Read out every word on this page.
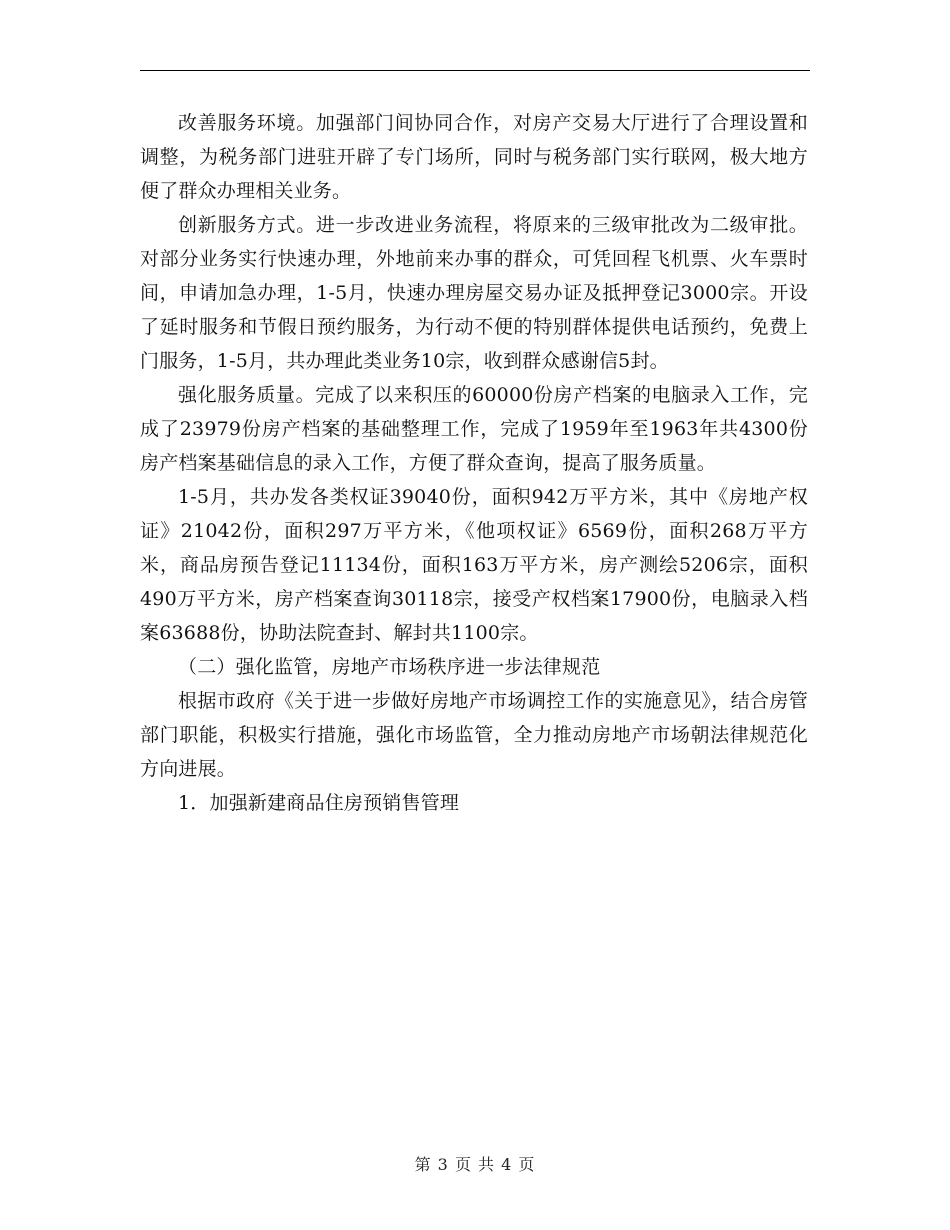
改善服务环境。加强部门间协同合作，对房产交易大厅进行了合理设置和调整，为税务部门进驻开辟了专门场所，同时与税务部门实行联网，极大地方便了群众办理相关业务。

创新服务方式。进一步改进业务流程，将原来的三级审批改为二级审批。对部分业务实行快速办理，外地前来办事的群众，可凭回程飞机票、火车票时间，申请加急办理，1-5月，快速办理房屋交易办证及抵押登记3000宗。开设了延时服务和节假日预约服务，为行动不便的特别群体提供电话预约，免费上门服务，1-5月，共办理此类业务10宗，收到群众感谢信5封。

强化服务质量。完成了以来积压的60000份房产档案的电脑录入工作，完成了23979份房产档案的基础整理工作，完成了1959年至1963年共4300份房产档案基础信息的录入工作，方便了群众查询，提高了服务质量。

1-5月，共办发各类权证39040份，面积942万平方米，其中《房地产权证》21042份，面积297万平方米，《他项权证》6569份，面积268万平方米，商品房预告登记11134份，面积163万平方米，房产测绘5206宗，面积490万平方米，房产档案查询30118宗，接受产权档案17900份，电脑录入档案63688份，协助法院查封、解封共1100宗。

（二）强化监管，房地产市场秩序进一步法律规范

根据市政府《关于进一步做好房地产市场调控工作的实施意见》，结合房管部门职能，积极实行措施，强化市场监管，全力推动房地产市场朝法律规范化方向进展。

1．加强新建商品住房预销售管理

第 3 页 共 4 页
